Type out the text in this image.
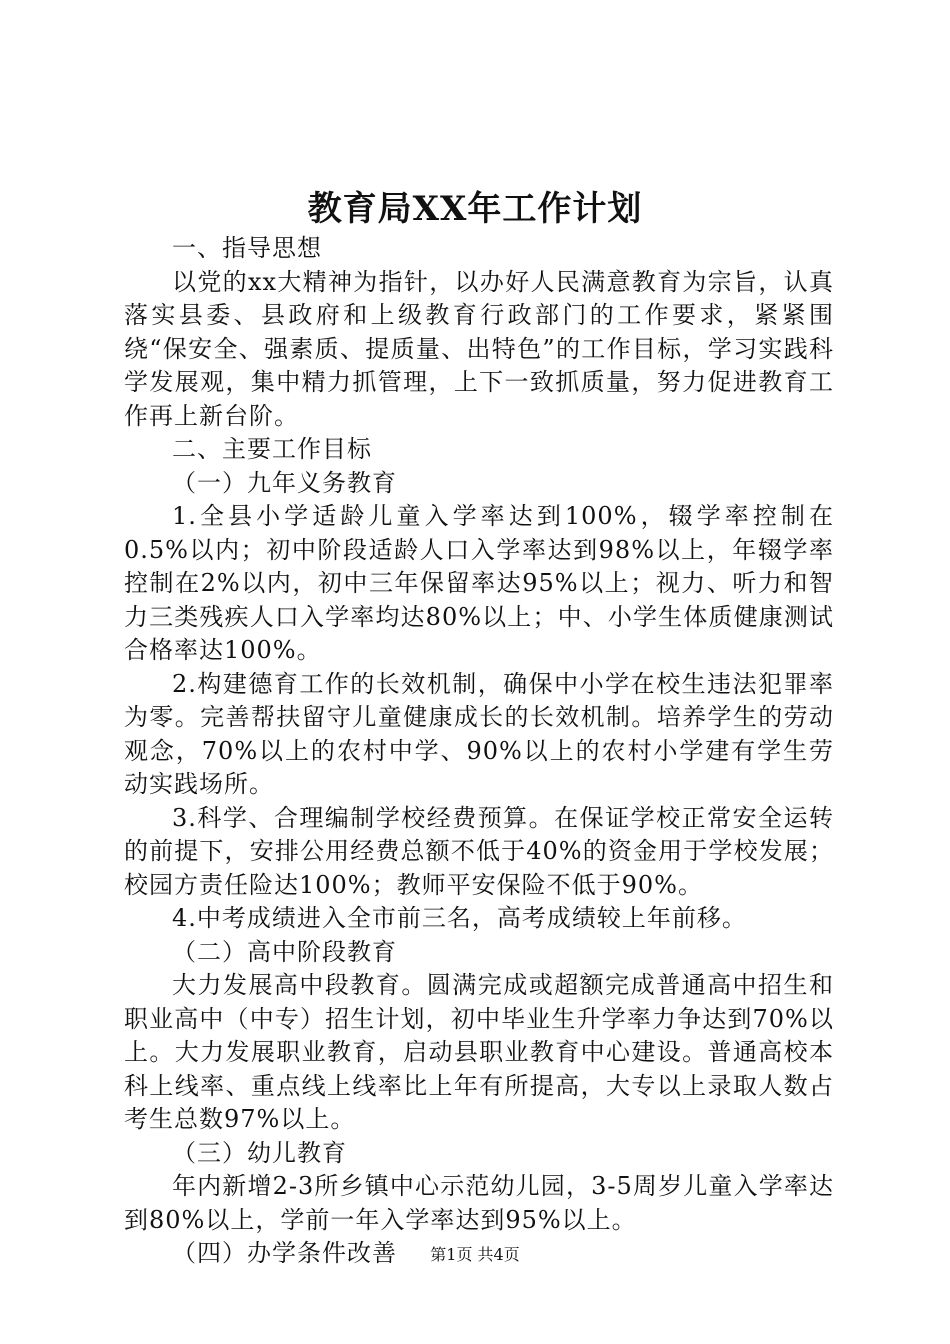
教育局XX年工作计划

一、指导思想

以党的xx大精神为指针，以办好人民满意教育为宗旨，认真落实县委、县政府和上级教育行政部门的工作要求，紧紧围绕“保安全、强素质、提质量、出特色”的工作目标，学习实践科学发展观，集中精力抓管理，上下一致抓质量，努力促进教育工作再上新台阶。

二、主要工作目标

（一）九年义务教育

1.全县小学适龄儿童入学率达到100%，辍学率控制在0.5%以内；初中阶段适龄人口入学率达到98%以上，年辍学率控制在2%以内，初中三年保留率达95%以上；视力、听力和智力三类残疾人口入学率均达80%以上；中、小学生体质健康测试合格率达100%。

2.构建德育工作的长效机制，确保中小学在校生违法犯罪率为零。完善帮扶留守儿童健康成长的长效机制。培养学生的劳动观念，70%以上的农村中学、90%以上的农村小学建有学生劳动实践场所。

3.科学、合理编制学校经费预算。在保证学校正常安全运转的前提下，安排公用经费总额不低于40%的资金用于学校发展；校园方责任险达100%；教师平安保险不低于90%。

4.中考成绩进入全市前三名，高考成绩较上年前移。

（二）高中阶段教育

大力发展高中段教育。圆满完成或超额完成普通高中招生和职业高中（中专）招生计划，初中毕业生升学率力争达到70%以上。大力发展职业教育，启动县职业教育中心建设。普通高校本科上线率、重点线上线率比上年有所提高，大专以上录取人数占考生总数97%以上。

（三）幼儿教育

年内新增2-3所乡镇中心示范幼儿园，3-5周岁儿童入学率达到80%以上，学前一年入学率达到95%以上。

（四）办学条件改善	第1页 共4页
